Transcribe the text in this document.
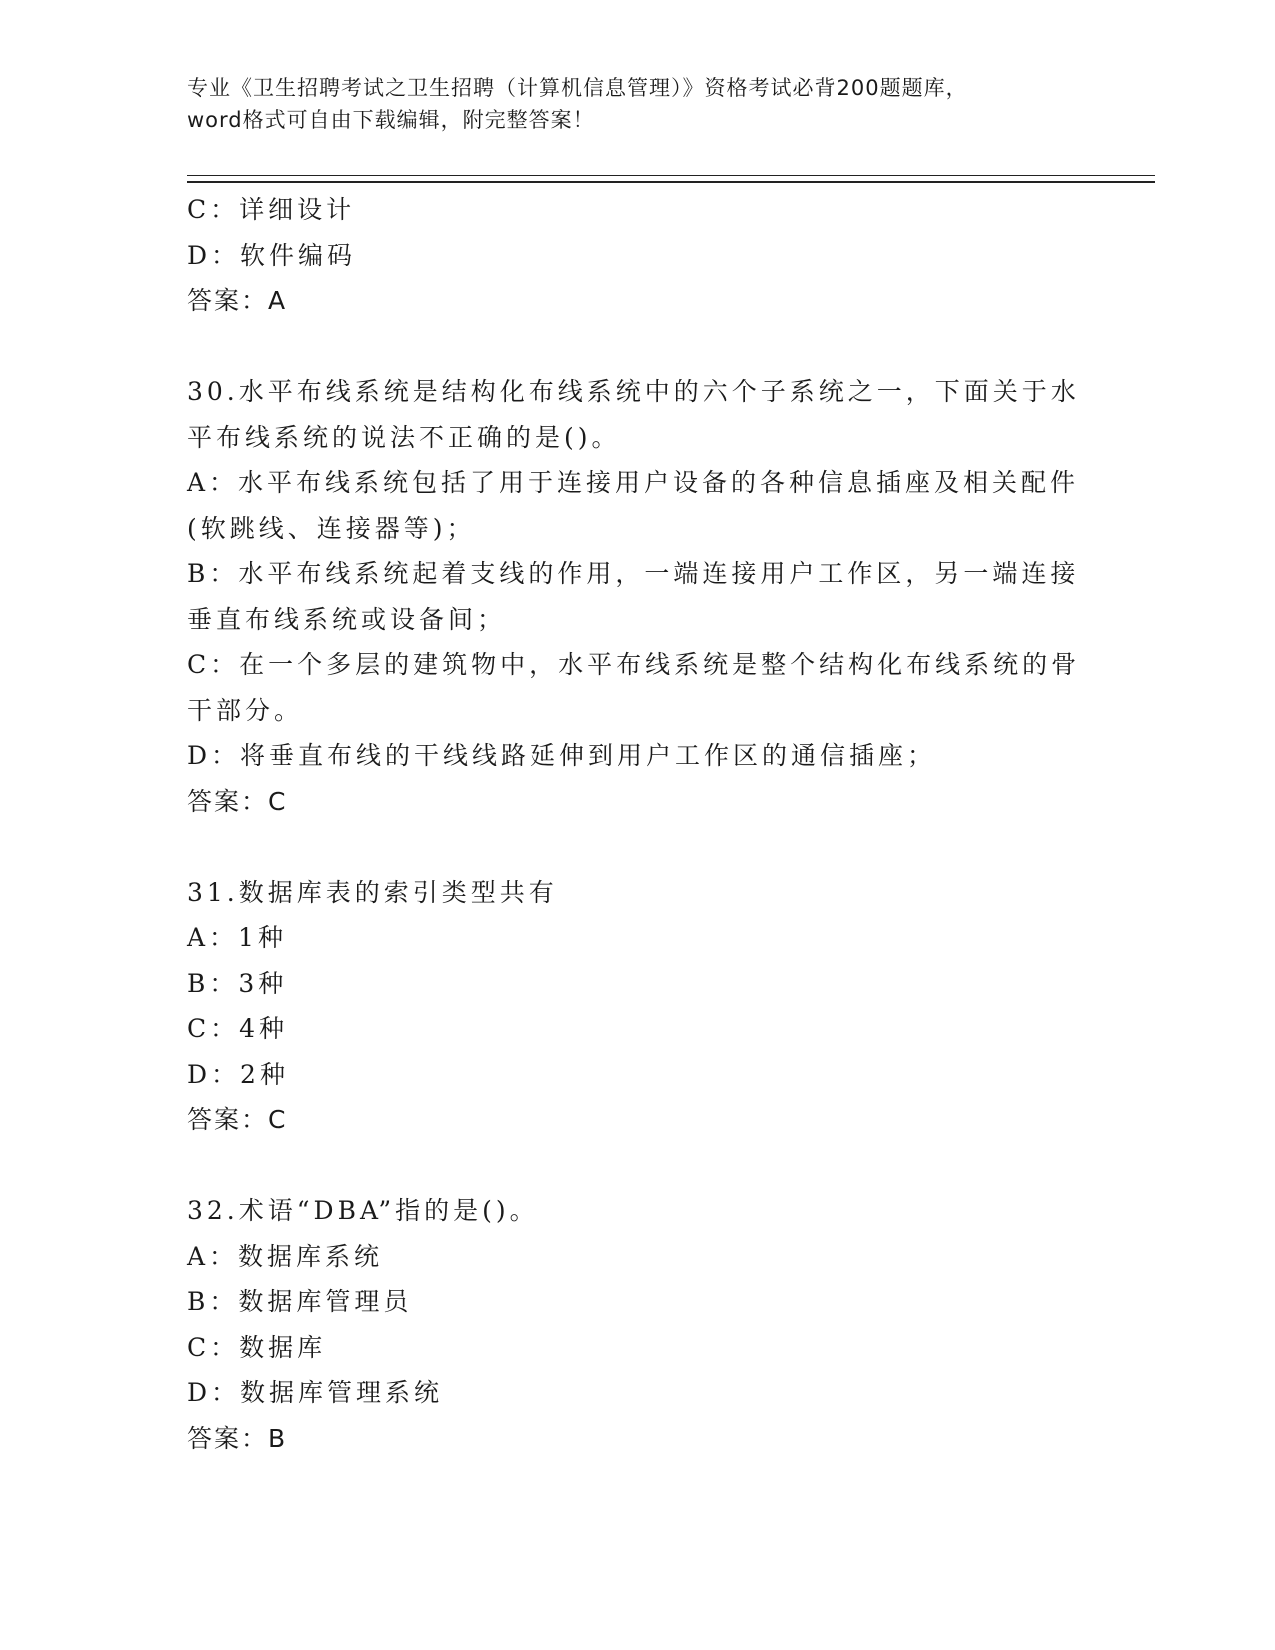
专业《卫生招聘考试之卫生招聘（计算机信息管理）》资格考试必背200题题库，
word格式可自由下载编辑，附完整答案！
C：详细设计
D：软件编码
答案：A
30.水平布线系统是结构化布线系统中的六个子系统之一，下面关于水
平布线系统的说法不正确的是()。
A：水平布线系统包括了用于连接用户设备的各种信息插座及相关配件
(软跳线、连接器等)；
B：水平布线系统起着支线的作用，一端连接用户工作区，另一端连接
垂直布线系统或设备间；
C：在一个多层的建筑物中，水平布线系统是整个结构化布线系统的骨
干部分。
D：将垂直布线的干线线路延伸到用户工作区的通信插座；
答案：C
31.数据库表的索引类型共有
A：1种
B：3种
C：4种
D：2种
答案：C
32.术语“DBA”指的是()。
A：数据库系统
B：数据库管理员
C：数据库
D：数据库管理系统
答案：B
